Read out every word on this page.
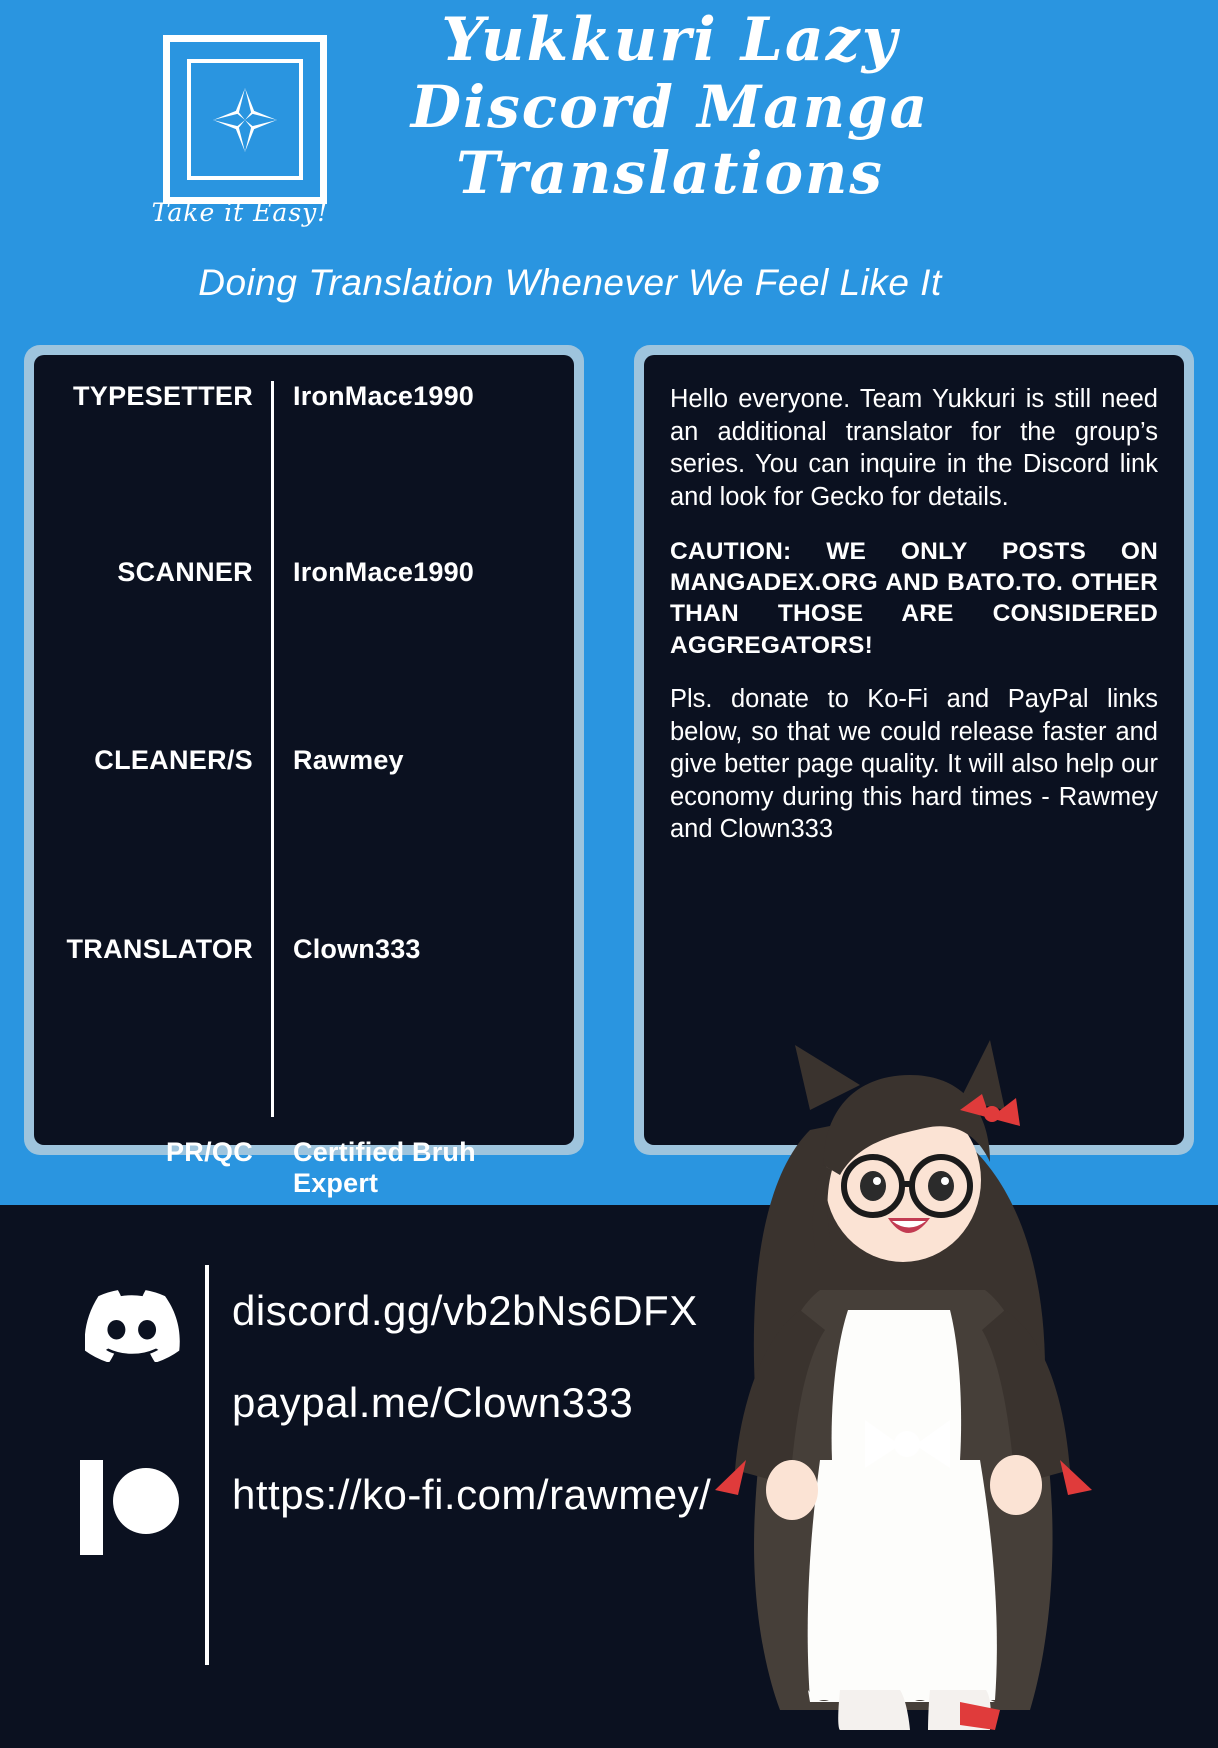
Take it Easy!
Yukkuri Lazy
Discord Manga
Translations
Doing Translation Whenever We Feel Like It
TYPESETTER	IronMace1990
SCANNER	IronMace1990
CLEANER/S	Rawmey
TRANSLATOR	Clown333
PR/QC	Certified Bruh Expert

Hello everyone. Team Yukkuri is still need an additional translator for the group’s series. You can inquire in the Discord link and look for Gecko for details.

CAUTION: WE ONLY POSTS ON MANGADEX.ORG AND BATO.TO. OTHER THAN THOSE ARE CONSIDERED AGGREGATORS!

Pls. donate to Ko-Fi and PayPal links below, so that we could release faster and give better page quality. It will also help our economy during this hard times - Rawmey and Clown333

discord.gg/vb2bNs6DFX
paypal.me/Clown333
https://ko-fi.com/rawmey/
